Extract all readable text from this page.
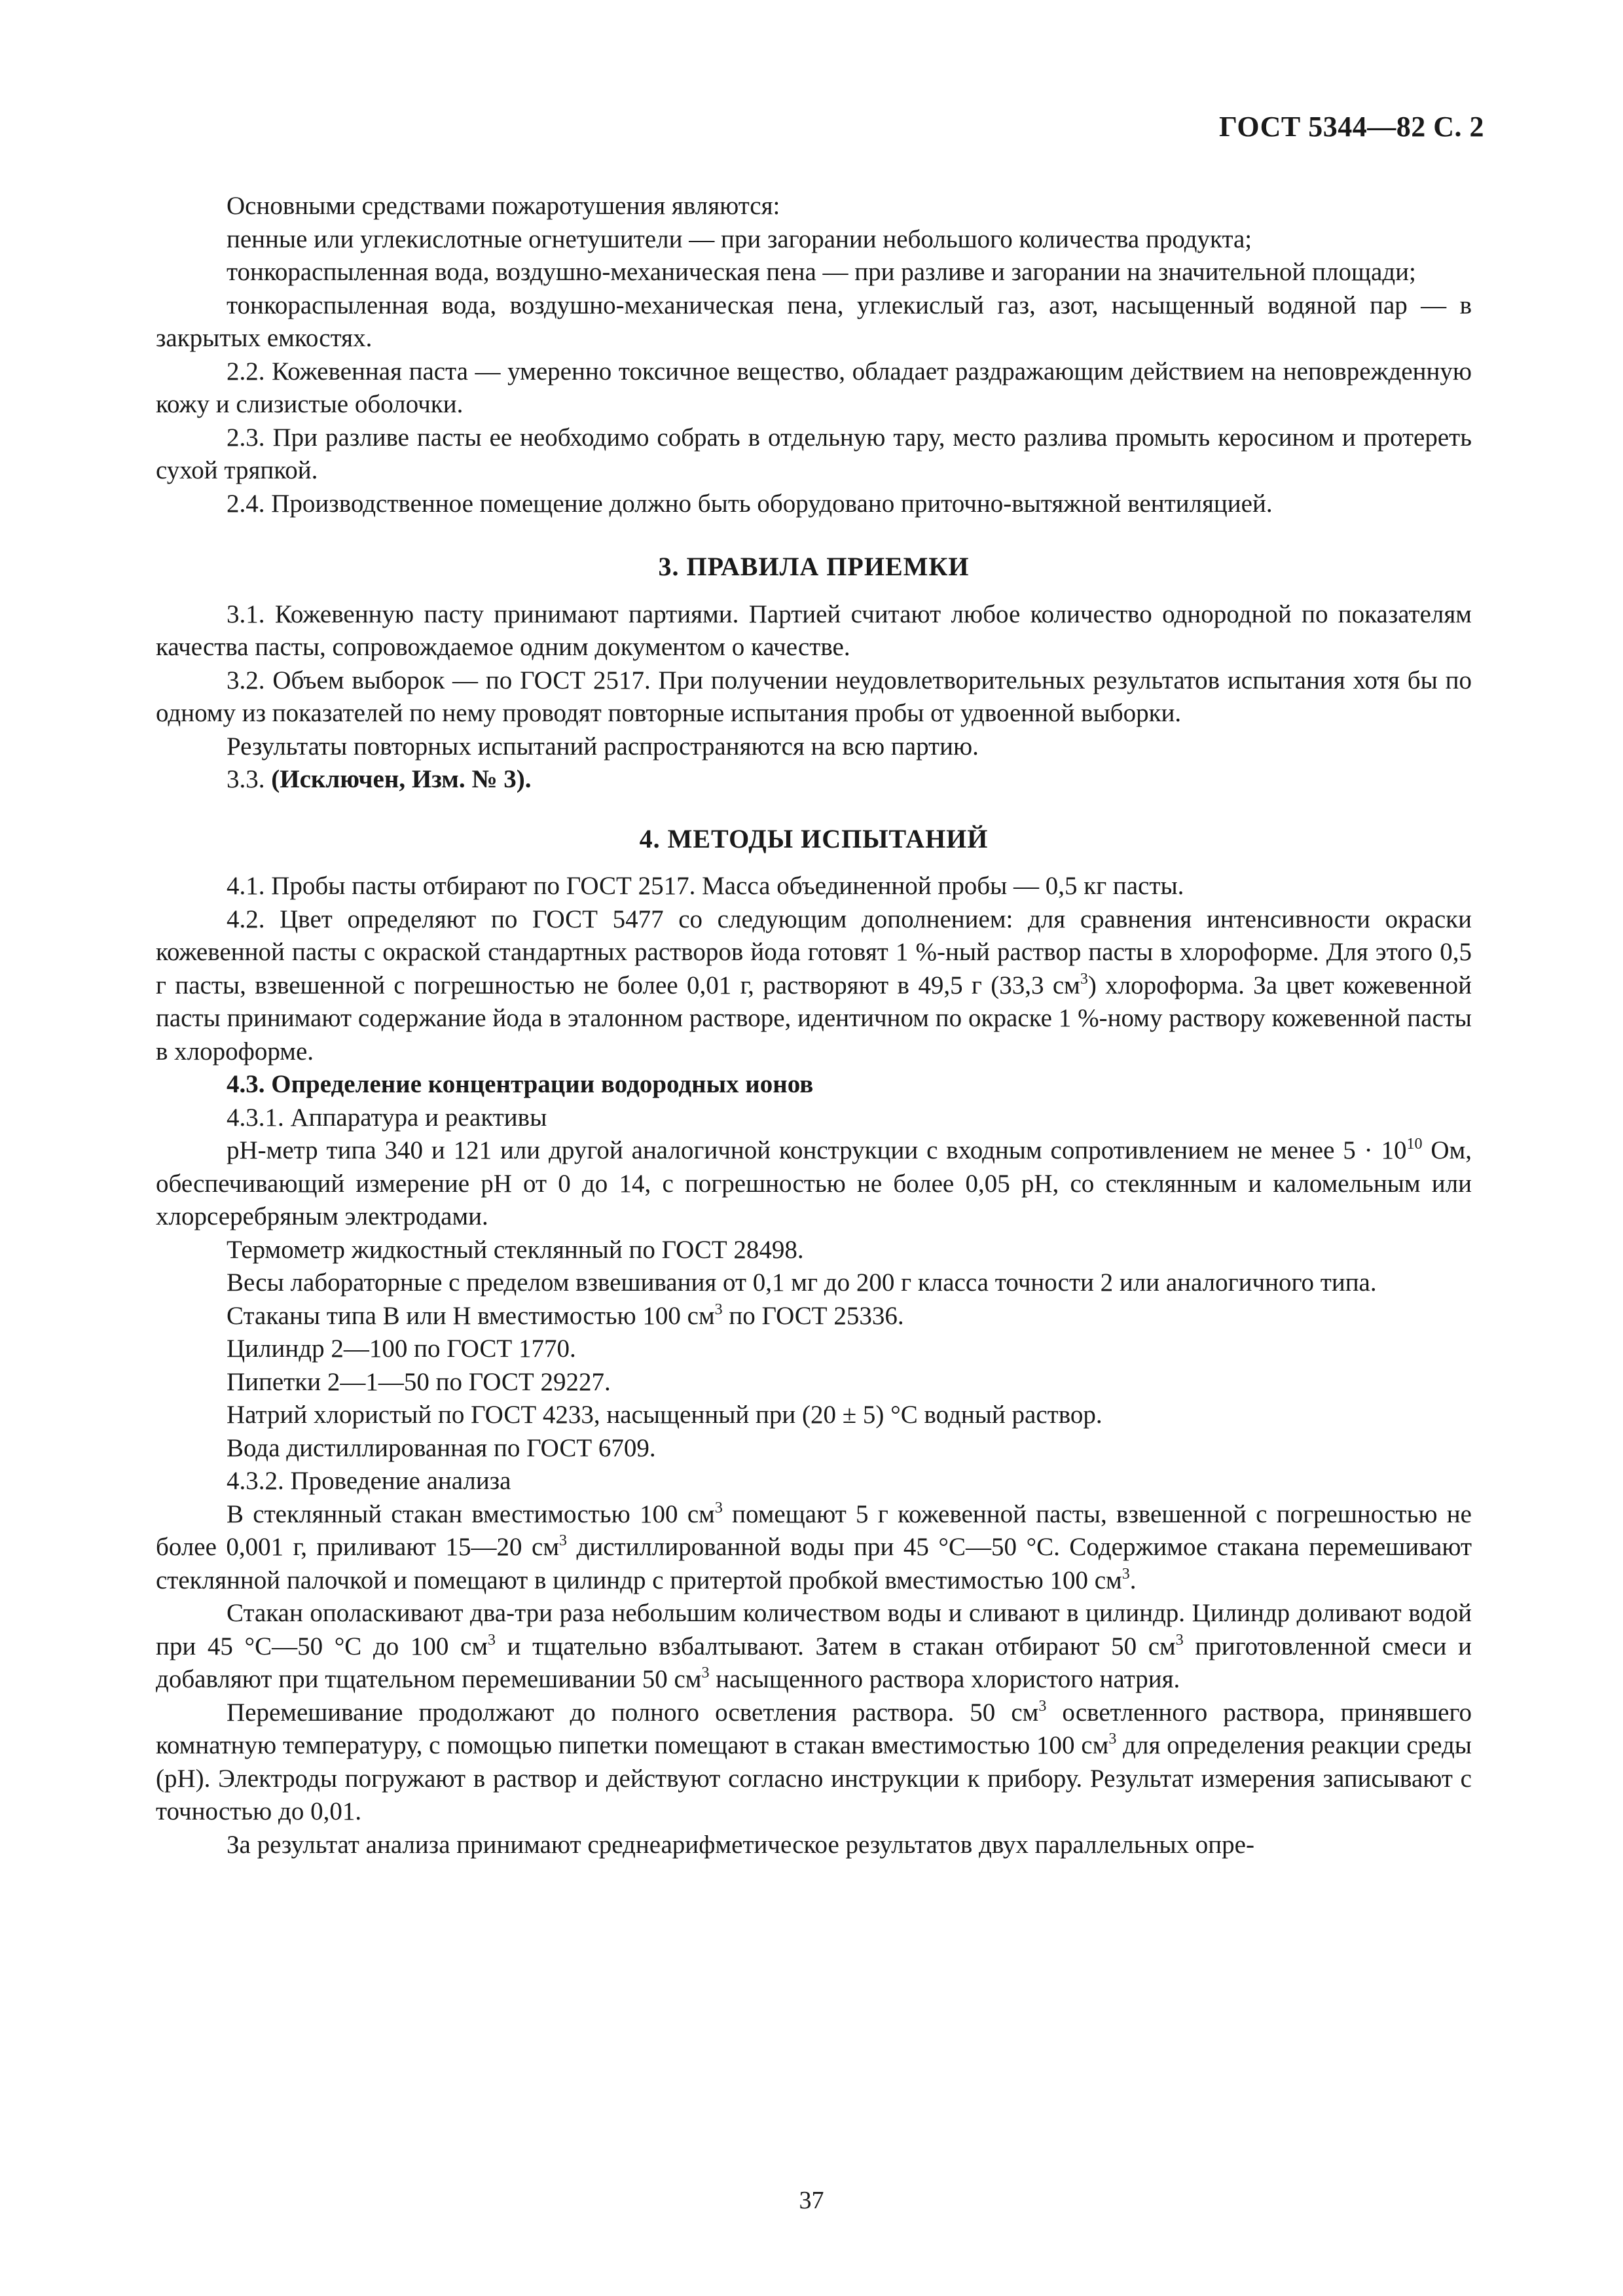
ГОСТ 5344—82 С. 2

Основными средствами пожаротушения являются:

пенные или углекислотные огнетушители — при загорании небольшого количества продукта;

тонкораспыленная вода, воздушно-механическая пена — при разливе и загорании на значительной площади;

тонкораспыленная вода, воздушно-механическая пена, углекислый газ, азот, насыщенный водяной пар — в закрытых емкостях.

2.2. Кожевенная паста — умеренно токсичное вещество, обладает раздражающим действием на неповрежденную кожу и слизистые оболочки.

2.3. При разливе пасты ее необходимо собрать в отдельную тару, место разлива промыть керосином и протереть сухой тряпкой.

2.4. Производственное помещение должно быть оборудовано приточно-вытяжной вентиляцией.

3. ПРАВИЛА ПРИЕМКИ

3.1. Кожевенную пасту принимают партиями. Партией считают любое количество однородной по показателям качества пасты, сопровождаемое одним документом о качестве.

3.2. Объем выборок — по ГОСТ 2517. При получении неудовлетворительных результатов испытания хотя бы по одному из показателей по нему проводят повторные испытания пробы от удвоенной выборки.

Результаты повторных испытаний распространяются на всю партию.

3.3. (Исключен, Изм. № 3).

4. МЕТОДЫ ИСПЫТАНИЙ

4.1. Пробы пасты отбирают по ГОСТ 2517. Масса объединенной пробы — 0,5 кг пасты.

4.2. Цвет определяют по ГОСТ 5477 со следующим дополнением: для сравнения интенсивности окраски кожевенной пасты с окраской стандартных растворов йода готовят 1 %-ный раствор пасты в хлороформе. Для этого 0,5 г пасты, взвешенной с погрешностью не более 0,01 г, растворяют в 49,5 г (33,3 $см^3$) хлороформа. За цвет кожевенной пасты принимают содержание йода в эталонном растворе, идентичном по окраске 1 %-ному раствору кожевенной пасты в хлороформе.

4.3. Определение концентрации водородных ионов

4.3.1. Аппаратура и реактивы

рН-метр типа 340 и 121 или другой аналогичной конструкции с входным сопротивлением не менее $5 \cdot 10^{10}$ Ом, обеспечивающий измерение рН от 0 до 14, с погрешностью не более 0,05 рН, со стеклянным и каломельным или хлорсеребряным электродами.

Термометр жидкостный стеклянный по ГОСТ 28498.

Весы лабораторные с пределом взвешивания от 0,1 мг до 200 г класса точности 2 или аналогичного типа.

Стаканы типа В или Н вместимостью 100 $см^3$ по ГОСТ 25336.

Цилиндр 2—100 по ГОСТ 1770.

Пипетки 2—1—50 по ГОСТ 29227.

Натрий хлористый по ГОСТ 4233, насыщенный при (20 ± 5) °С водный раствор.

Вода дистиллированная по ГОСТ 6709.

4.3.2. Проведение анализа

В стеклянный стакан вместимостью 100 $см^3$ помещают 5 г кожевенной пасты, взвешенной с погрешностью не более 0,001 г, приливают 15—20 $см^3$ дистиллированной воды при 45 °С—50 °С. Содержимое стакана перемешивают стеклянной палочкой и помещают в цилиндр с притертой пробкой вместимостью 100 $см^3$.

Стакан ополаскивают два-три раза небольшим количеством воды и сливают в цилиндр. Цилиндр доливают водой при 45 °С—50 °С до 100 $см^3$ и тщательно взбалтывают. Затем в стакан отбирают 50 $см^3$ приготовленной смеси и добавляют при тщательном перемешивании 50 $см^3$ насыщенного раствора хлористого натрия.

Перемешивание продолжают до полного осветления раствора. 50 $см^3$ осветленного раствора, принявшего комнатную температуру, с помощью пипетки помещают в стакан вместимостью 100 $см^3$ для определения реакции среды (рН). Электроды погружают в раствор и действуют согласно инструкции к прибору. Результат измерения записывают с точностью до 0,01.

За результат анализа принимают среднеарифметическое результатов двух параллельных опре-

37
